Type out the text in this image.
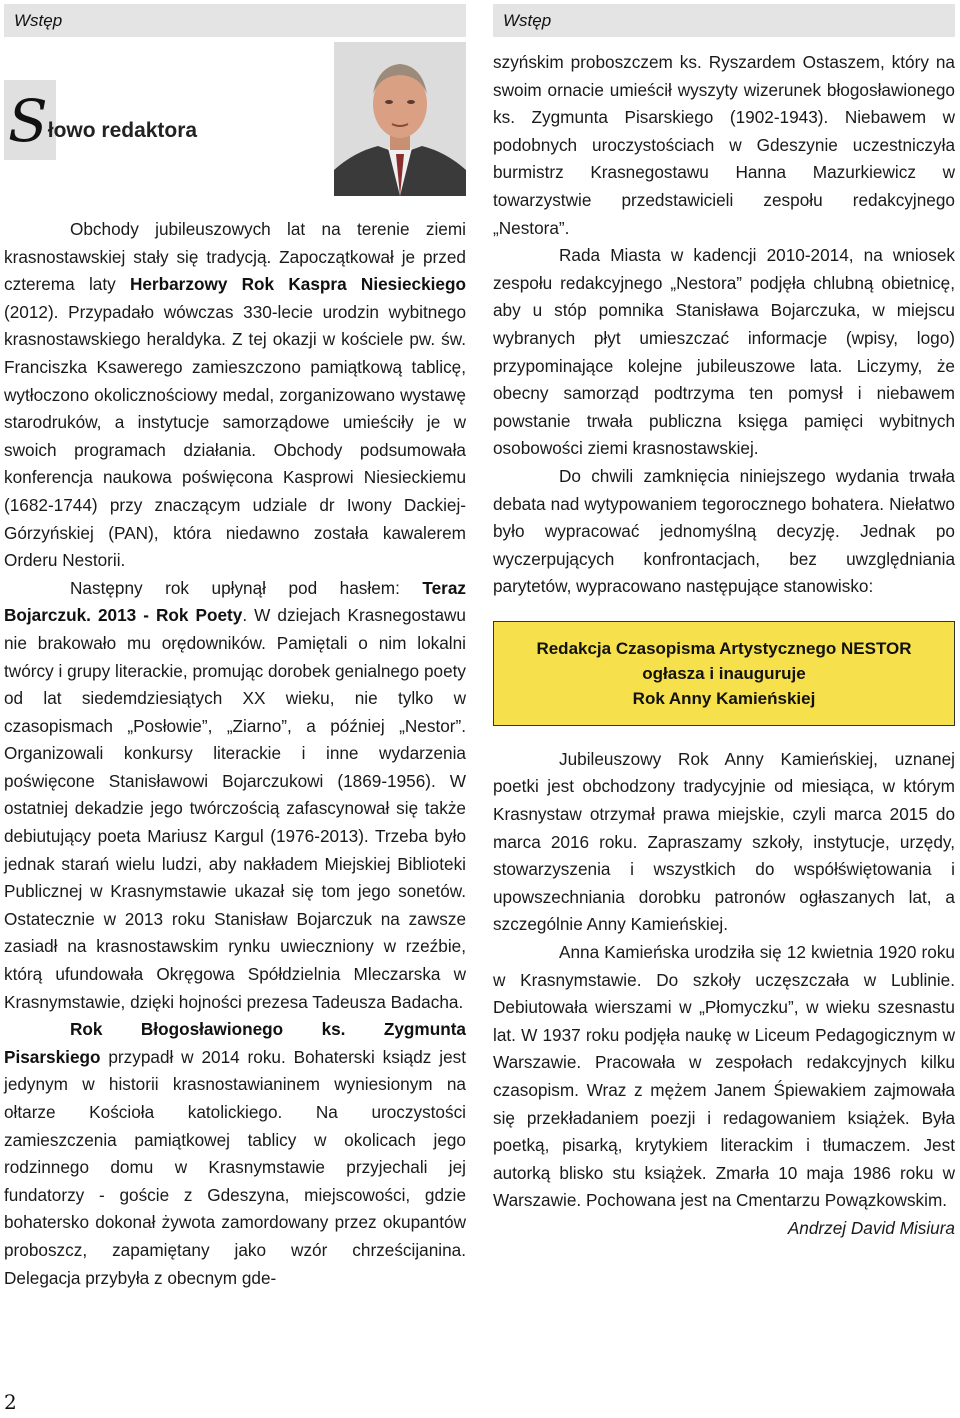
Wstęp	Wstęp
Słowo redaktora

Obchody jubileuszowych lat na terenie ziemi krasnostawskiej stały się tradycją. Zapoczątkował je przed czterema laty Herbarzowy Rok Kaspra Niesieckiego (2012). Przypadało wówczas 330-lecie urodzin wybitnego krasnostawskiego heraldyka. Z tej okazji w kościele pw. św. Franciszka Ksawerego zamieszczono pamiątkową tablicę, wytłoczono okolicznościowy medal, zorganizowano wystawę starodruków, a instytucje samorządowe umieściły je w swoich programach działania. Obchody podsumowała konferencja naukowa poświęcona Kasprowi Niesieckiemu (1682-1744) przy znaczącym udziale dr Iwony Dackiej-Górzyńskiej (PAN), która niedawno została kawalerem Orderu Nestorii.

Następny rok upłynął pod hasłem: Teraz Bojarczuk. 2013 - Rok Poety. W dziejach Krasnegostawu nie brakowało mu orędowników. Pamiętali o nim lokalni twórcy i grupy literackie, promując dorobek genialnego poety od lat siedemdziesiątych XX wieku, nie tylko w czasopismach „Posłowie”, „Ziarno”, a później „Nestor”. Organizowali konkursy literackie i inne wydarzenia poświęcone Stanisławowi Bojarczukowi (1869-1956). W ostatniej dekadzie jego twórczością zafascynował się także debiutujący poeta Mariusz Kargul (1976-2013). Trzeba było jednak starań wielu ludzi, aby nakładem Miejskiej Biblioteki Publicznej w Krasnymstawie ukazał się tom jego sonetów. Ostatecznie w 2013 roku Stanisław Bojarczuk na zawsze zasiadł na krasnostawskim rynku uwieczniony w rzeźbie, którą ufundowała Okręgowa Spółdzielnia Mleczarska w Krasnymstawie, dzięki hojności prezesa Tadeusza Badacha.

Rok Błogosławionego ks. Zygmunta Pisarskiego przypadł w 2014 roku. Bohaterski ksiądz jest jedynym w historii krasnostawianinem wyniesionym na ołtarze Kościoła katolickiego. Na uroczystości zamieszczenia pamiątkowej tablicy w okolicach jego rodzinnego domu w Krasnymstawie przyjechali jej fundatorzy - goście z Gdeszyna, miejscowości, gdzie bohatersko dokonał żywota zamordowany przez okupantów proboszcz, zapamiętany jako wzór chrześcijanina. Delegacja przybyła z obecnym gde-

szyńskim proboszczem ks. Ryszardem Ostaszem, który na swoim ornacie umieścił wyszyty wizerunek błogosławionego ks. Zygmunta Pisarskiego (1902-1943). Niebawem w podobnych uroczystościach w Gdeszynie uczestniczyła burmistrz Krasnegostawu Hanna Mazurkiewicz w towarzystwie przedstawicieli zespołu redakcyjnego „Nestora”.

Rada Miasta w kadencji 2010-2014, na wniosek zespołu redakcyjnego „Nestora” podjęła chlubną obietnicę, aby u stóp pomnika Stanisława Bojarczuka, w miejscu wybranych płyt umieszczać informacje (wpisy, logo) przypominające kolejne jubileuszowe lata. Liczymy, że obecny samorząd podtrzyma ten pomysł i niebawem powstanie trwała publiczna księga pamięci wybitnych osobowości ziemi krasnostawskiej.

Do chwili zamknięcia niniejszego wydania trwała debata nad wytypowaniem tegorocznego bohatera. Niełatwo było wypracować jednomyślną decyzję. Jednak po wyczerpujących konfrontacjach, bez uwzględniania parytetów, wypracowano następujące stanowisko:

Redakcja Czasopisma Artystycznego NESTOR
ogłasza i inauguruje
Rok Anny Kamieńskiej

Jubileuszowy Rok Anny Kamieńskiej, uznanej poetki jest obchodzony tradycyjnie od miesiąca, w którym Krasnystaw otrzymał prawa miejskie, czyli marca 2015 do marca 2016 roku. Zapraszamy szkoły, instytucje, urzędy, stowarzyszenia i wszystkich do współświętowania i upowszechniania dorobku patronów ogłaszanych lat, a szczególnie Anny Kamieńskiej.

Anna Kamieńska urodziła się 12 kwietnia 1920 roku w Krasnymstawie. Do szkoły uczęszczała w Lublinie. Debiutowała wierszami w „Płomyczku”, w wieku szesnastu lat. W 1937 roku podjęła naukę w Liceum Pedagogicznym w Warszawie. Pracowała w zespołach redakcyjnych kilku czasopism. Wraz z mężem Janem Śpiewakiem zajmowała się przekładaniem poezji i redagowaniem książek. Była poetką, pisarką, krytykiem literackim i tłumaczem. Jest autorką blisko stu książek. Zmarła 10 maja 1986 roku w Warszawie. Pochowana jest na Cmentarzu Powązkowskim.

Andrzej David Misiura

2
